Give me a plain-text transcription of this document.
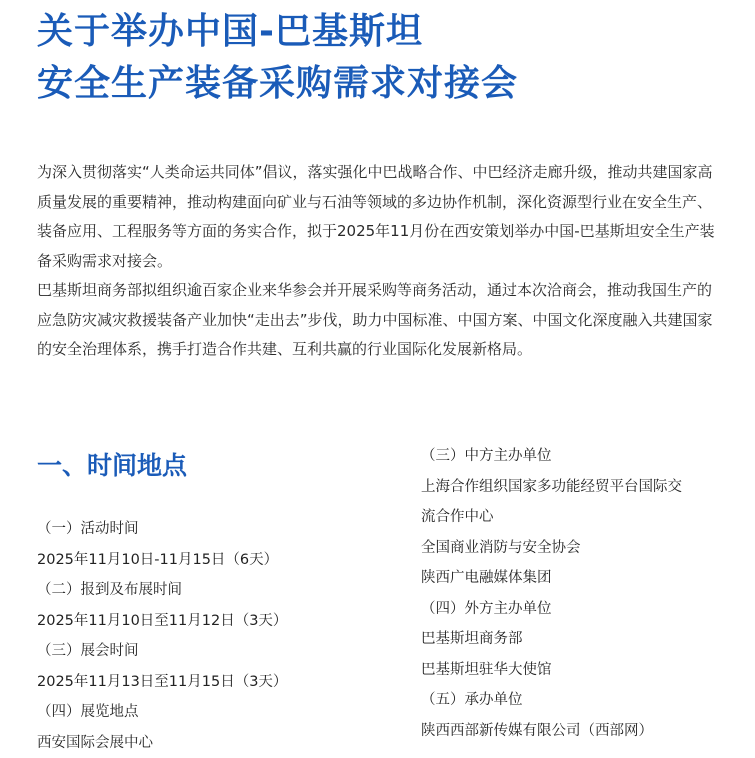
关于举办中国-巴基斯坦
安全生产装备采购需求对接会

为深入贯彻落实“人类命运共同体”倡议，落实强化中巴战略合作、中巴经济走廊升级，推动共建国家高质量发展的重要精神，推动构建面向矿业与石油等领域的多边协作机制，深化资源型行业在安全生产、装备应用、工程服务等方面的务实合作，拟于2025年11月份在西安策划举办中国-巴基斯坦安全生产装备采购需求对接会。

巴基斯坦商务部拟组织逾百家企业来华参会并开展采购等商务活动，通过本次洽商会，推动我国生产的应急防灾减灾救援装备产业加快“走出去”步伐，助力中国标准、中国方案、中国文化深度融入共建国家的安全治理体系，携手打造合作共建、互利共赢的行业国际化发展新格局。

一、时间地点
（一）活动时间
2025年11月10日-11月15日（6天）
（二）报到及布展时间
2025年11月10日至11月12日（3天）
（三）展会时间
2025年11月13日至11月15日（3天）
（四）展览地点
西安国际会展中心
（三）中方主办单位
上海合作组织国家多功能经贸平台国际交
流合作中心
全国商业消防与安全协会
陕西广电融媒体集团
（四）外方主办单位
巴基斯坦商务部
巴基斯坦驻华大使馆
（五）承办单位
陕西西部新传媒有限公司（西部网）
